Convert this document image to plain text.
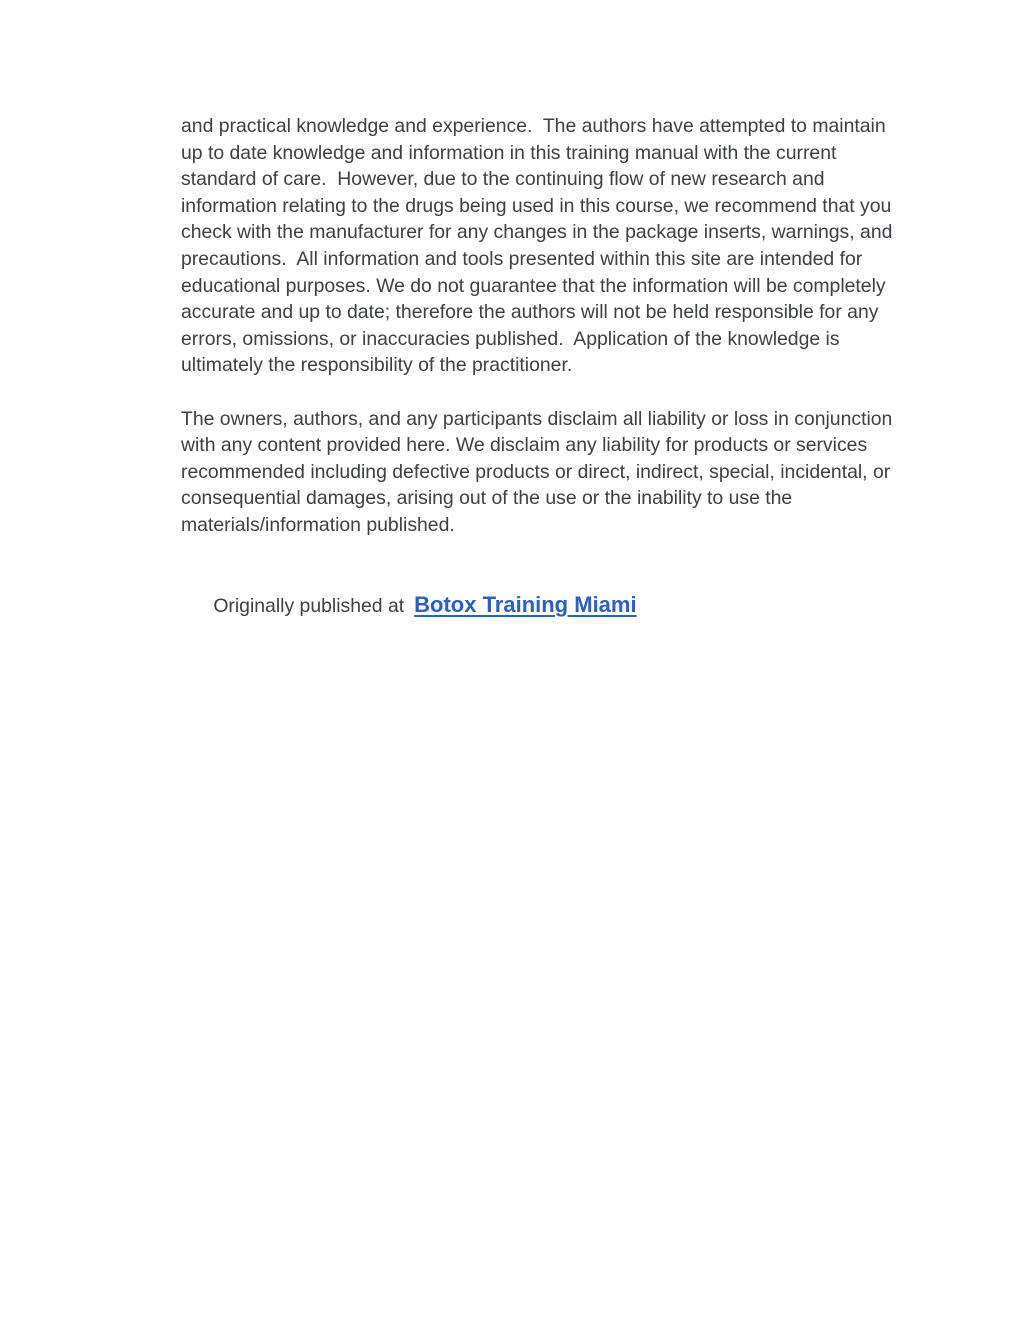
and practical knowledge and experience.  The authors have attempted to maintain up to date knowledge and information in this training manual with the current standard of care.  However, due to the continuing flow of new research and information relating to the drugs being used in this course, we recommend that you check with the manufacturer for any changes in the package inserts, warnings, and precautions.  All information and tools presented within this site are intended for educational purposes. We do not guarantee that the information will be completely accurate and up to date; therefore the authors will not be held responsible for any errors, omissions, or inaccuracies published.  Application of the knowledge is ultimately the responsibility of the practitioner.

The owners, authors, and any participants disclaim all liability or loss in conjunction with any content provided here. We disclaim any liability for products or services recommended including defective products or direct, indirect, special, incidental, or consequential damages, arising out of the use or the inability to use the materials/information published.

Originally published at Botox Training Miami
